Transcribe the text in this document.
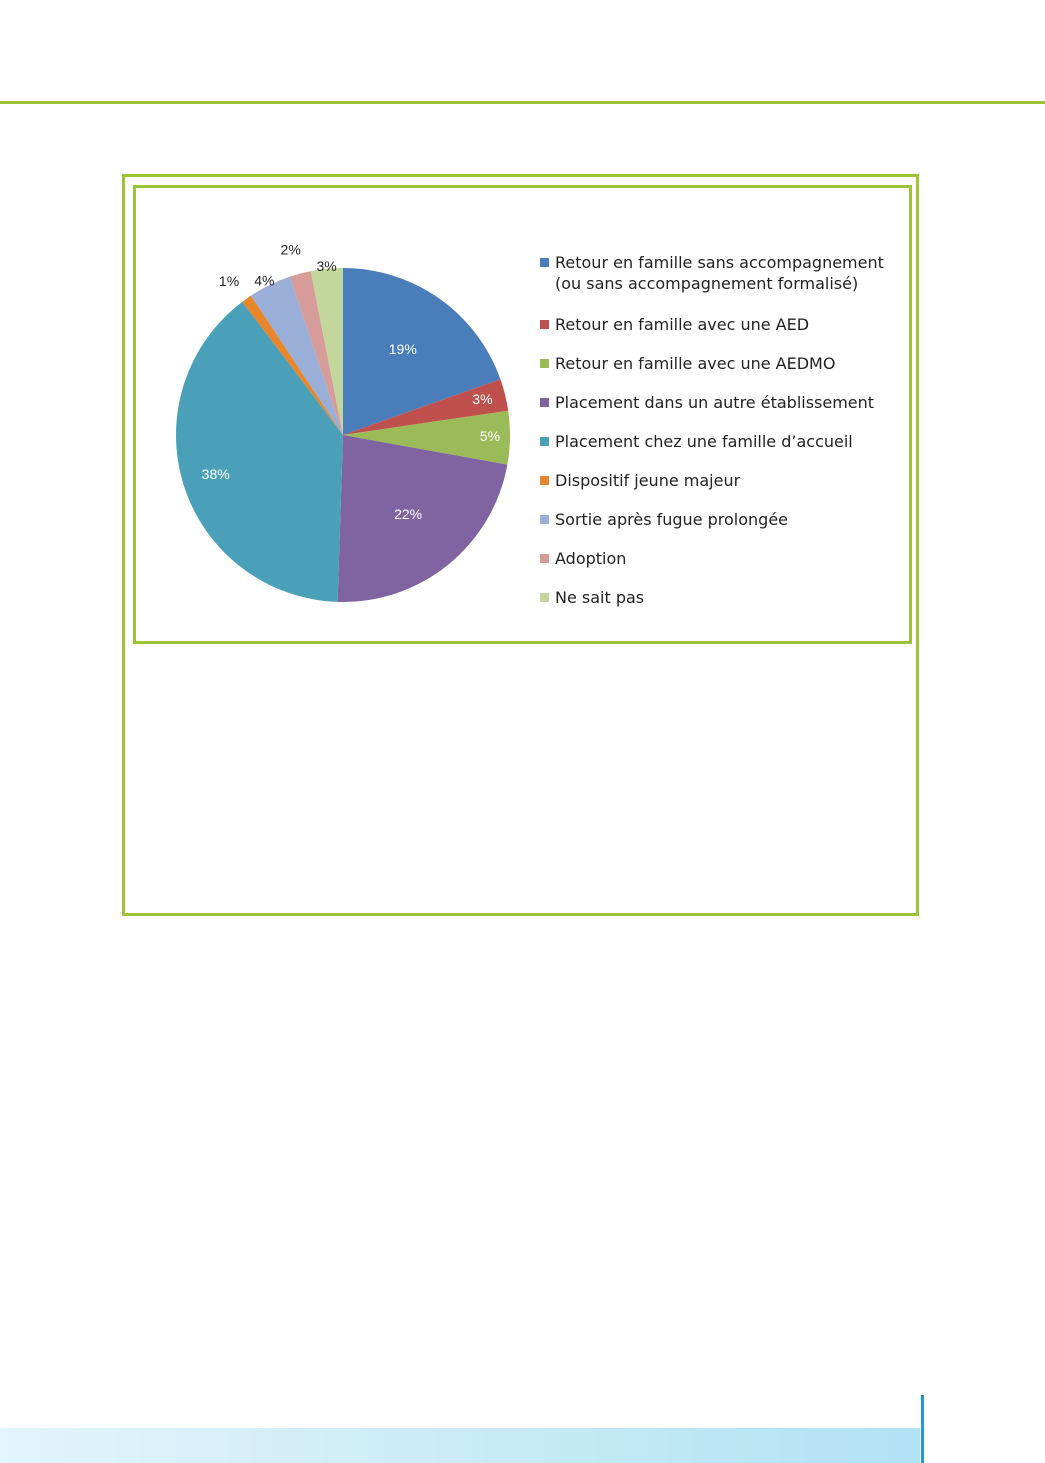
19%
3%
5%
22%
38%
1% 4%
2%
3%	Retour en famille sans accompagnement
(ou sans accompagnement formalisé)
Retour en famille avec une AED
Retour en famille avec une AEDMO
Placement dans un autre établissement
Placement chez une famille d’accueil
Dispositif jeune majeur
Sortie après fugue prolongée
Adoption
Ne sait pas
